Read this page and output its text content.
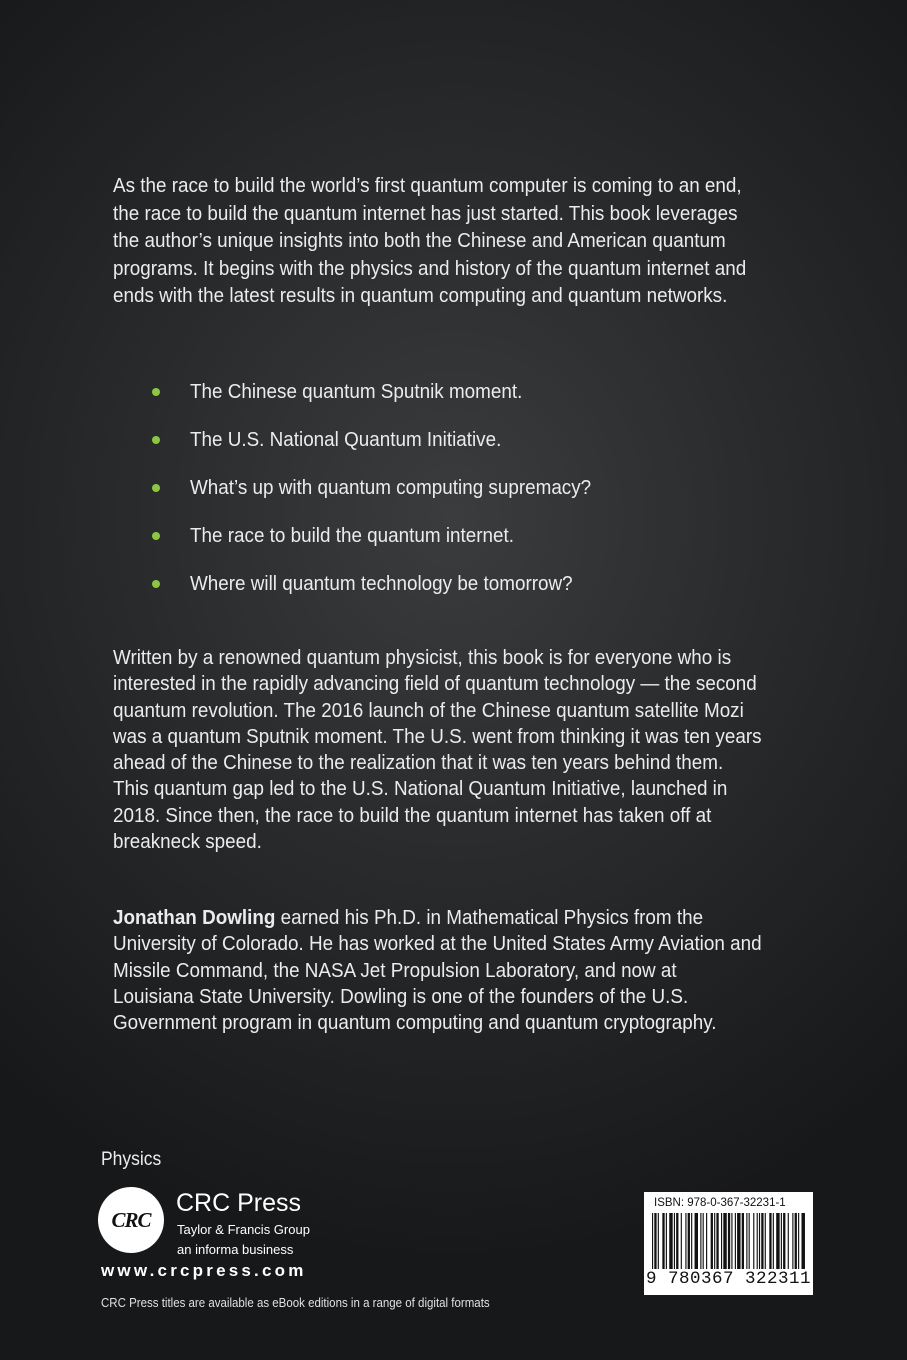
As the race to build the world’s first quantum computer is coming to an end, the race to build the quantum internet has just started. This book leverages the author’s unique insights into both the Chinese and American quantum programs. It begins with the physics and history of the quantum internet and ends with the latest results in quantum computing and quantum networks.

The Chinese quantum Sputnik moment.
The U.S. National Quantum Initiative.
What’s up with quantum computing supremacy?
The race to build the quantum internet.
Where will quantum technology be tomorrow?

Written by a renowned quantum physicist, this book is for everyone who is interested in the rapidly advancing field of quantum technology — the second quantum revolution. The 2016 launch of the Chinese quantum satellite Mozi was a quantum Sputnik moment. The U.S. went from thinking it was ten years ahead of the Chinese to the realization that it was ten years behind them. This quantum gap led to the U.S. National Quantum Initiative, launched in 2018. Since then, the race to build the quantum internet has taken off at breakneck speed.

Jonathan Dowling earned his Ph.D. in Mathematical Physics from the University of Colorado. He has worked at the United States Army Aviation and Missile Command, the NASA Jet Propulsion Laboratory, and now at Louisiana State University. Dowling is one of the founders of the U.S. Government program in quantum computing and quantum cryptography.

Physics
CRC
CRC Press
Taylor & Francis Group
an informa business
www.crcpress.com
CRC Press titles are available as eBook editions in a range of digital formats
ISBN: 978-0-367-32231-1
9 780367 322311
